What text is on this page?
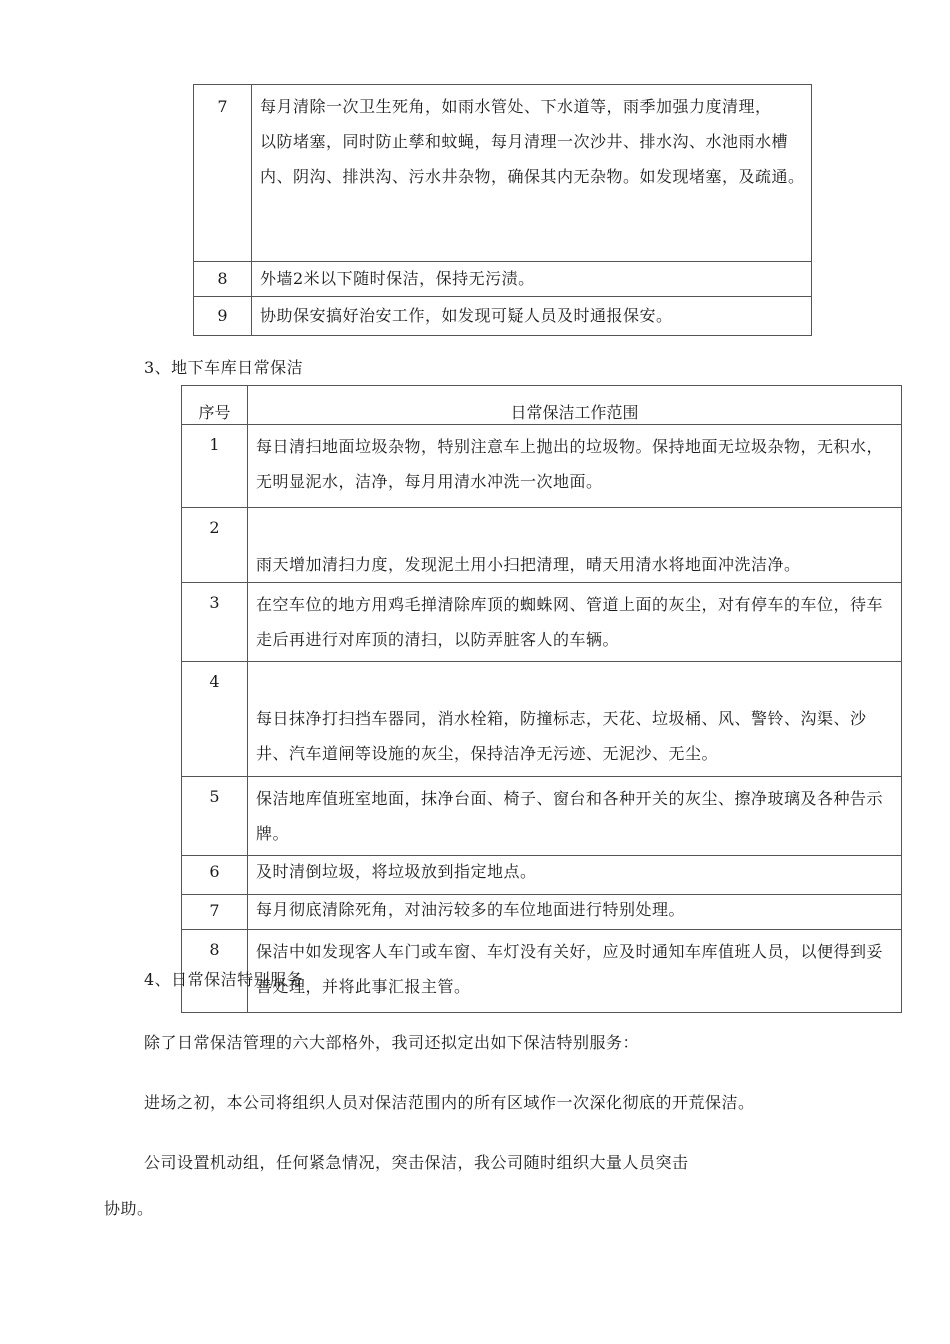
7	每月清除一次卫生死角，如雨水管处、下水道等，雨季加强力度清理，
以防堵塞，同时防止孳和蚊蝇，每月清理一次沙井、排水沟、水池雨水槽内、阴沟、排洪沟、污水井杂物，确保其内无杂物。如发现堵塞，及疏通。

8	外墙2米以下随时保洁，保持无污渍。
9	协助保安搞好治安工作，如发现可疑人员及时通报保安。
3、地下车库日常保洁
序号	日常保洁工作范围

1	每日清扫地面垃圾杂物，特别注意车上抛出的垃圾物。保持地面无垃圾杂物，无积水，无明显泥水，洁净，每月用清水冲洗一次地面。
2	雨天增加清扫力度，发现泥土用小扫把清理，晴天用清水将地面冲洗洁净。
3	在空车位的地方用鸡毛掸清除库顶的蜘蛛网、管道上面的灰尘，对有停车的车位，待车走后再进行对库顶的清扫，以防弄脏客人的车辆。
4	每日抹净打扫挡车器同，消水栓箱，防撞标志，天花、垃圾桶、风、警铃、沟渠、沙井、汽车道闸等设施的灰尘，保持洁净无污迹、无泥沙、无尘。
5	保洁地库值班室地面，抹净台面、椅子、窗台和各种开关的灰尘、擦净玻璃及各种告示牌。
6	及时清倒垃圾，将垃圾放到指定地点。
7	每月彻底清除死角，对油污较多的车位地面进行特别处理。
8	保洁中如发现客人车门或车窗、车灯没有关好，应及时通知车库值班人员，以便得到妥善处理，并将此事汇报主管。
4、日常保洁特别服务
除了日常保洁管理的六大部格外，我司还拟定出如下保洁特别服务：
进场之初，本公司将组织人员对保洁范围内的所有区域作一次深化彻底的开荒保洁。
公司设置机动组，任何紧急情况，突击保洁，我公司随时组织大量人员突击
协助。
